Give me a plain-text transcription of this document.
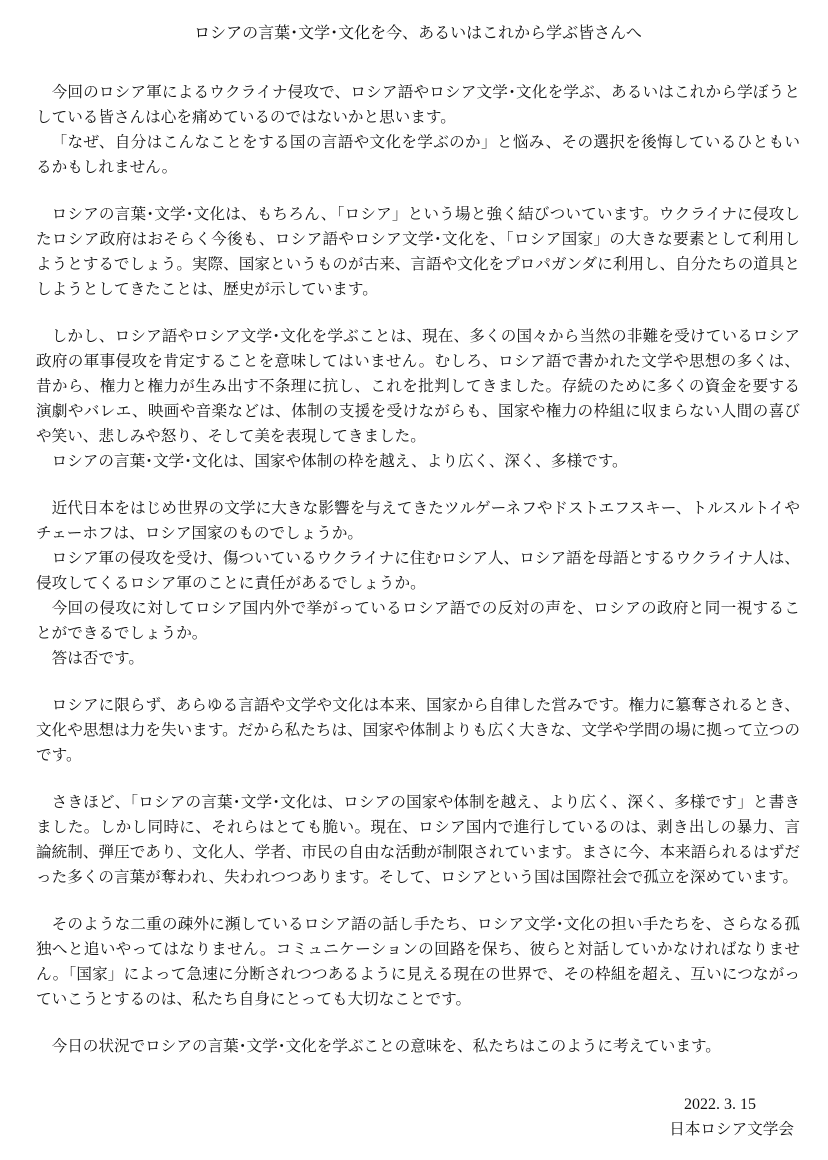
ロシアの言葉･文学･文化を今、あるいはこれから学ぶ皆さんへ

今回のロシア軍によるウクライナ侵攻で、ロシア語やロシア文学･文化を学ぶ、あるいはこれから学ぼうとしている皆さんは心を痛めているのではないかと思います。

「なぜ、自分はこんなことをする国の言語や文化を学ぶのか」と悩み、その選択を後悔しているひともいるかもしれません。

ロシアの言葉･文学･文化は、もちろん、「ロシア」という場と強く結びついています。ウクライナに侵攻したロシア政府はおそらく今後も、ロシア語やロシア文学･文化を、「ロシア国家」の大きな要素として利用しようとするでしょう。実際、国家というものが古来、言語や文化をプロパガンダに利用し、自分たちの道具としようとしてきたことは、歴史が示しています。

しかし、ロシア語やロシア文学･文化を学ぶことは、現在、多くの国々から当然の非難を受けているロシア政府の軍事侵攻を肯定することを意味してはいません。むしろ、ロシア語で書かれた文学や思想の多くは、昔から、権力と権力が生み出す不条理に抗し、これを批判してきました。存続のために多くの資金を要する演劇やバレエ、映画や音楽などは、体制の支援を受けながらも、国家や権力の枠組に収まらない人間の喜びや笑い、悲しみや怒り、そして美を表現してきました。

ロシアの言葉･文学･文化は、国家や体制の枠を越え、より広く、深く、多様です。

近代日本をはじめ世界の文学に大きな影響を与えてきたツルゲーネフやドストエフスキー、トルスルトイやチェーホフは、ロシア国家のものでしょうか。

ロシア軍の侵攻を受け、傷ついているウクライナに住むロシア人、ロシア語を母語とするウクライナ人は、侵攻してくるロシア軍のことに責任があるでしょうか。

今回の侵攻に対してロシア国内外で挙がっているロシア語での反対の声を、ロシアの政府と同一視することができるでしょうか。

答は否です。

ロシアに限らず、あらゆる言語や文学や文化は本来、国家から自律した営みです。権力に簒奪されるとき、文化や思想は力を失います。だから私たちは、国家や体制よりも広く大きな、文学や学問の場に拠って立つのです。

さきほど、「ロシアの言葉･文学･文化は、ロシアの国家や体制を越え、より広く、深く、多様です」と書きました。しかし同時に、それらはとても脆い。現在、ロシア国内で進行しているのは、剥き出しの暴力、言論統制、弾圧であり、文化人、学者、市民の自由な活動が制限されています。まさに今、本来語られるはずだった多くの言葉が奪われ、失われつつあります。そして、ロシアという国は国際社会で孤立を深めています。

そのような二重の疎外に瀕しているロシア語の話し手たち、ロシア文学･文化の担い手たちを、さらなる孤独へと追いやってはなりません。コミュニケーションの回路を保ち、彼らと対話していかなければなりません。「国家」によって急速に分断されつつあるように見える現在の世界で、その枠組を超え、互いにつながっていこうとするのは、私たち自身にとっても大切なことです。

今日の状況でロシアの言葉･文学･文化を学ぶことの意味を、私たちはこのように考えています。

2022. 3. 15
日本ロシア文学会
